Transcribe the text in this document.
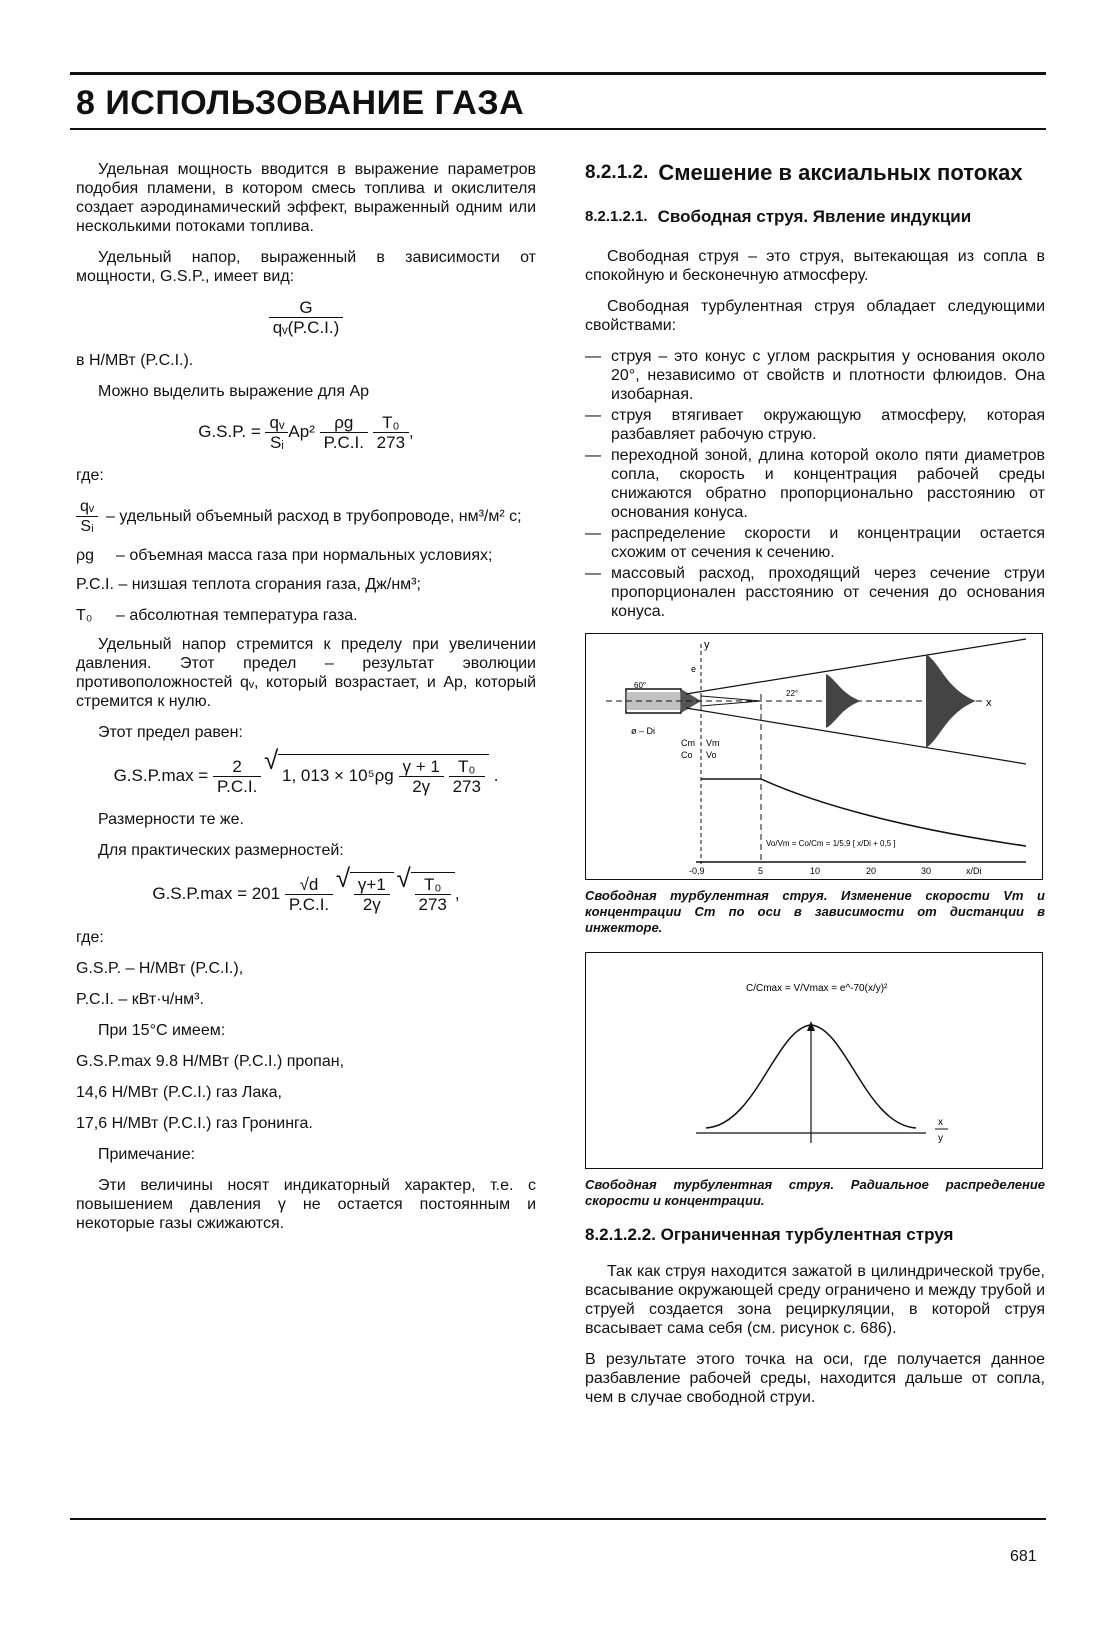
8 ИСПОЛЬЗОВАНИЕ ГАЗА

Удельная мощность вводится в выражение параметров подобия пламени, в котором смесь топлива и окислителя создает аэродинамический эффект, выраженный одним или несколькими потоками топлива.

Удельный напор, выраженный в зависимости от мощности, G.S.P., имеет вид:

$\frac{G}{\text{qᵥ(P.C.I.)}}$

в Н/МВт (P.C.I.).

Можно выделить выражение для Ap

G.S.P. = $\frac{\text{qᵥ}}{\text{Sᵢ}} Ap^2 \frac{\rho g}{P.C.I.}$
$\frac{\text{T₀}}{273}$ ,

где:

$\frac{\text{qᵥ}}{\text{Sᵢ}}$ – удельный объемный расход в трубопроводе, нм³/м² с;
ρg	– объемная масса газа при нормальных условиях;

P.C.I. – низшая теплота сгорания газа, Дж/нм³;

T₀	– абсолютная температура газа.

Удельный напор стремится к пределу при увеличении давления. Этот предел – результат эволюции противоположностей qᵥ, который возрастает, и Ap, который стремится к нулю.

Этот предел равен:

$G.S.P.\max = \frac{2}{P.C.I.}$ √ 1, $013 \times 10^5\rho g \frac{\gamma + 1}{2\gamma}$
$\frac{\text{T₀}}{273}$ .

Размерности те же.

Для практических размерностей:

$G.S.P.\max = 201 \frac{√d}{P.C.I.}$
√ $\frac{\gamma+1}{2\gamma}$
√ $\frac{\text{T₀}}{273}$ ,

где:

G.S.P. – Н/МВт (P.C.I.),

P.C.I. – кВт·ч/нм³.

При 15°С имеем:

G.S.P.max 9.8 Н/МВт (P.C.I.) пропан,

14,6 Н/МВт (P.C.I.) газ Лака,

17,6 Н/МВт (P.C.I.) газ Гронинга.

Примечание:

Эти величины носят индикаторный характер, т.е. с повышением давления γ не остается постоянным и некоторые газы сжижаются.

8.2.1.2. Смешение в аксиальных потоках
8.2.1.2.1. Свободная струя. Явление индукции

Свободная струя – это струя, вытекающая из сопла в спокойную и бесконечную атмосферу.

Свободная турбулентная струя обладает следующими свойствами:

— струя – это конус с углом раскрытия у основания около 20°, независимо от свойств и плотности флюидов. Она изобарная.
— струя втягивает окружающую атмосферу, которая разбавляет рабочую струю.
— переходной зоной, длина которой около пяти диаметров сопла, скорость и концентрация рабочей среды снижаются обратно пропорционально расстоянию от основания конуса.
— распределение скорости и концентрации остается схожим от сечения к сечению.
— массовый расход, проходящий через сечение струи пропорционален расстоянию от сечения до основания конуса.
y
x
60°
22°
e
ø – Di
Cm Vm
Co Vo
Vo/Vm = Co/Cm = 1/5,9 [ x/Di + 0,5 ]
-0,9	5	10	20	30	x/Di
Свободная турбулентная струя. Изменение скорости Vm и концентрации Cm по оси в зависимости от дистанции в инжекторе.
C/Cmax = V/Vmax = e^-70(x/y)²
x
y
Свободная турбулентная струя. Радиальное распределение скорости и концентрации.
8.2.1.2.2. Ограниченная турбулентная струя

Так как струя находится зажатой в цилиндрической трубе, всасывание окружающей среду ограничено и между трубой и струей создается зона рециркуляции, в которой струя всасывает сама себя (см. рисунок с. 686).

В результате этого точка на оси, где получается данное разбавление рабочей среды, находится дальше от сопла, чем в случае свободной струи.

681
